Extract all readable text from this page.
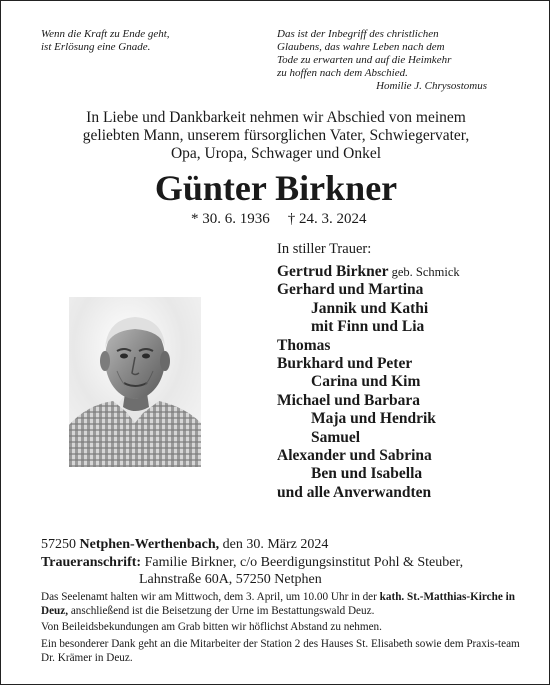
Wenn die Kraft zu Ende geht,
ist Erlösung eine Gnade.
Das ist der Inbegriff des christlichen
Glaubens, das wahre Leben nach dem
Tode zu erwarten und auf die Heimkehr
zu hoffen nach dem Abschied.
Homilie J. Chrysostomus
In Liebe und Dankbarkeit nehmen wir Abschied von meinem
geliebten Mann, unserem fürsorglichen Vater, Schwiegervater,
Opa, Uropa, Schwager und Onkel
Günter Birkner
* 30. 6. 1936 † 24. 3. 2024
In stiller Trauer:
Gertrud Birkner geb. Schmick
Gerhard und Martina
Jannik und Kathi
mit Finn und Lia
Thomas
Burkhard und Peter
Carina und Kim
Michael und Barbara
Maja und Hendrik
Samuel
Alexander und Sabrina
Ben und Isabella
und alle Anverwandten
57250 Netphen-Werthenbach, den 30. März 2024
Traueranschrift: Familie Birkner, c/o Beerdigungsinstitut Pohl & Steuber,
Lahnstraße 60A, 57250 Netphen
Das Seelenamt halten wir am Mittwoch, dem 3. April, um 10.00 Uhr in der kath. St.-Matthias-Kirche in Deuz, anschließend ist die Beisetzung der Urne im Bestattungswald Deuz.
Von Beileidsbekundungen am Grab bitten wir höflichst Abstand zu nehmen.
Ein besonderer Dank geht an die Mitarbeiter der Station 2 des Hauses St. Elisabeth sowie dem Praxis-team Dr. Krämer in Deuz.
